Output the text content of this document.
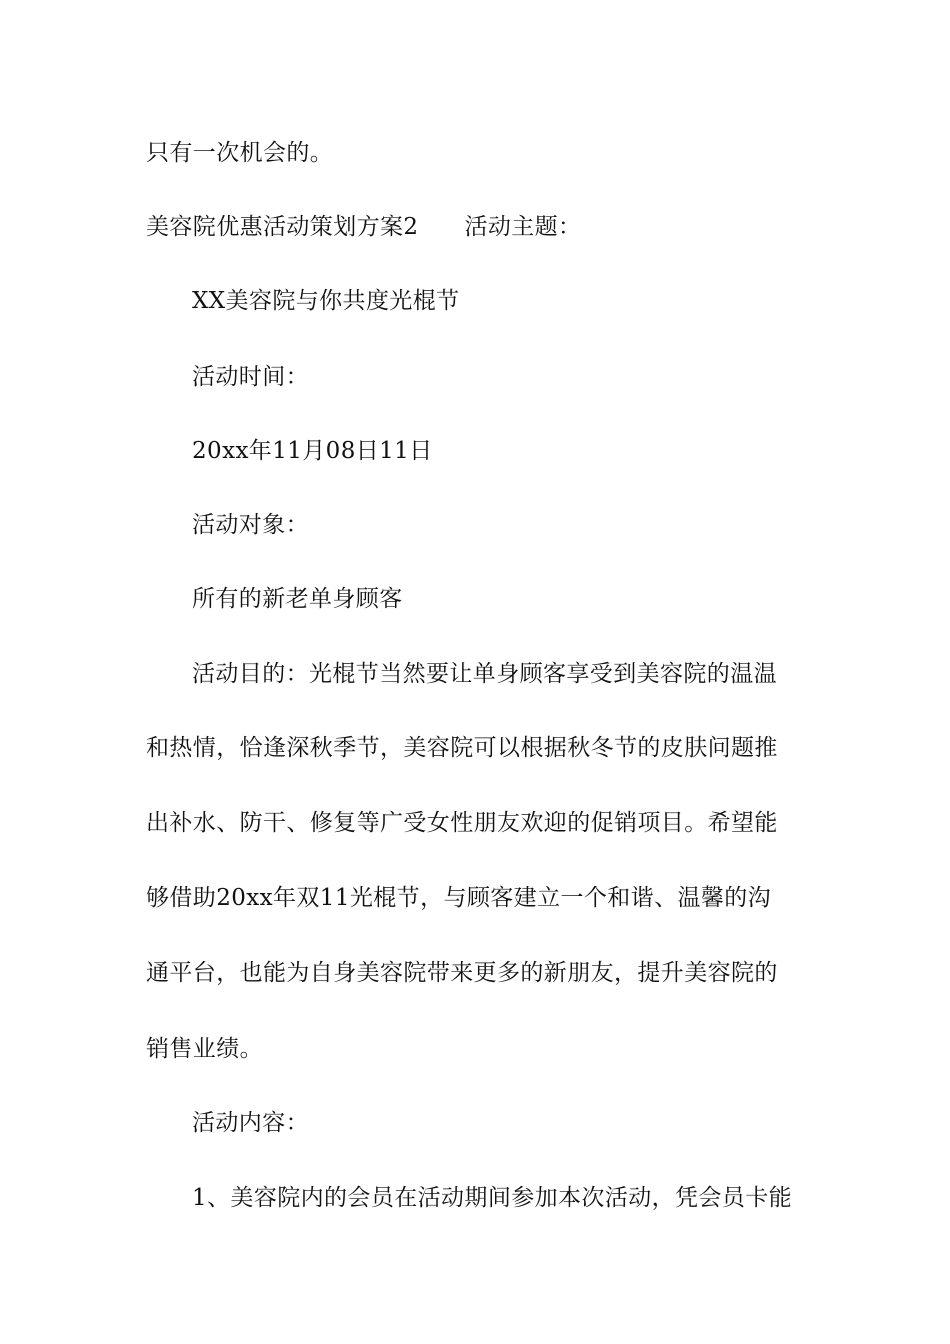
只有一次机会的。
美容院优惠活动策划方案2 活动主题：
XX美容院与你共度光棍节
活动时间：
20xx年11月08日11日
活动对象：
所有的新老单身顾客
活动目的：光棍节当然要让单身顾客享受到美容院的温温
和热情，恰逢深秋季节，美容院可以根据秋冬节的皮肤问题推
出补水、防干、修复等广受女性朋友欢迎的促销项目。希望能
够借助20xx年双11光棍节，与顾客建立一个和谐、温馨的沟
通平台，也能为自身美容院带来更多的新朋友，提升美容院的
销售业绩。
活动内容：
1、美容院内的会员在活动期间参加本次活动，凭会员卡能
